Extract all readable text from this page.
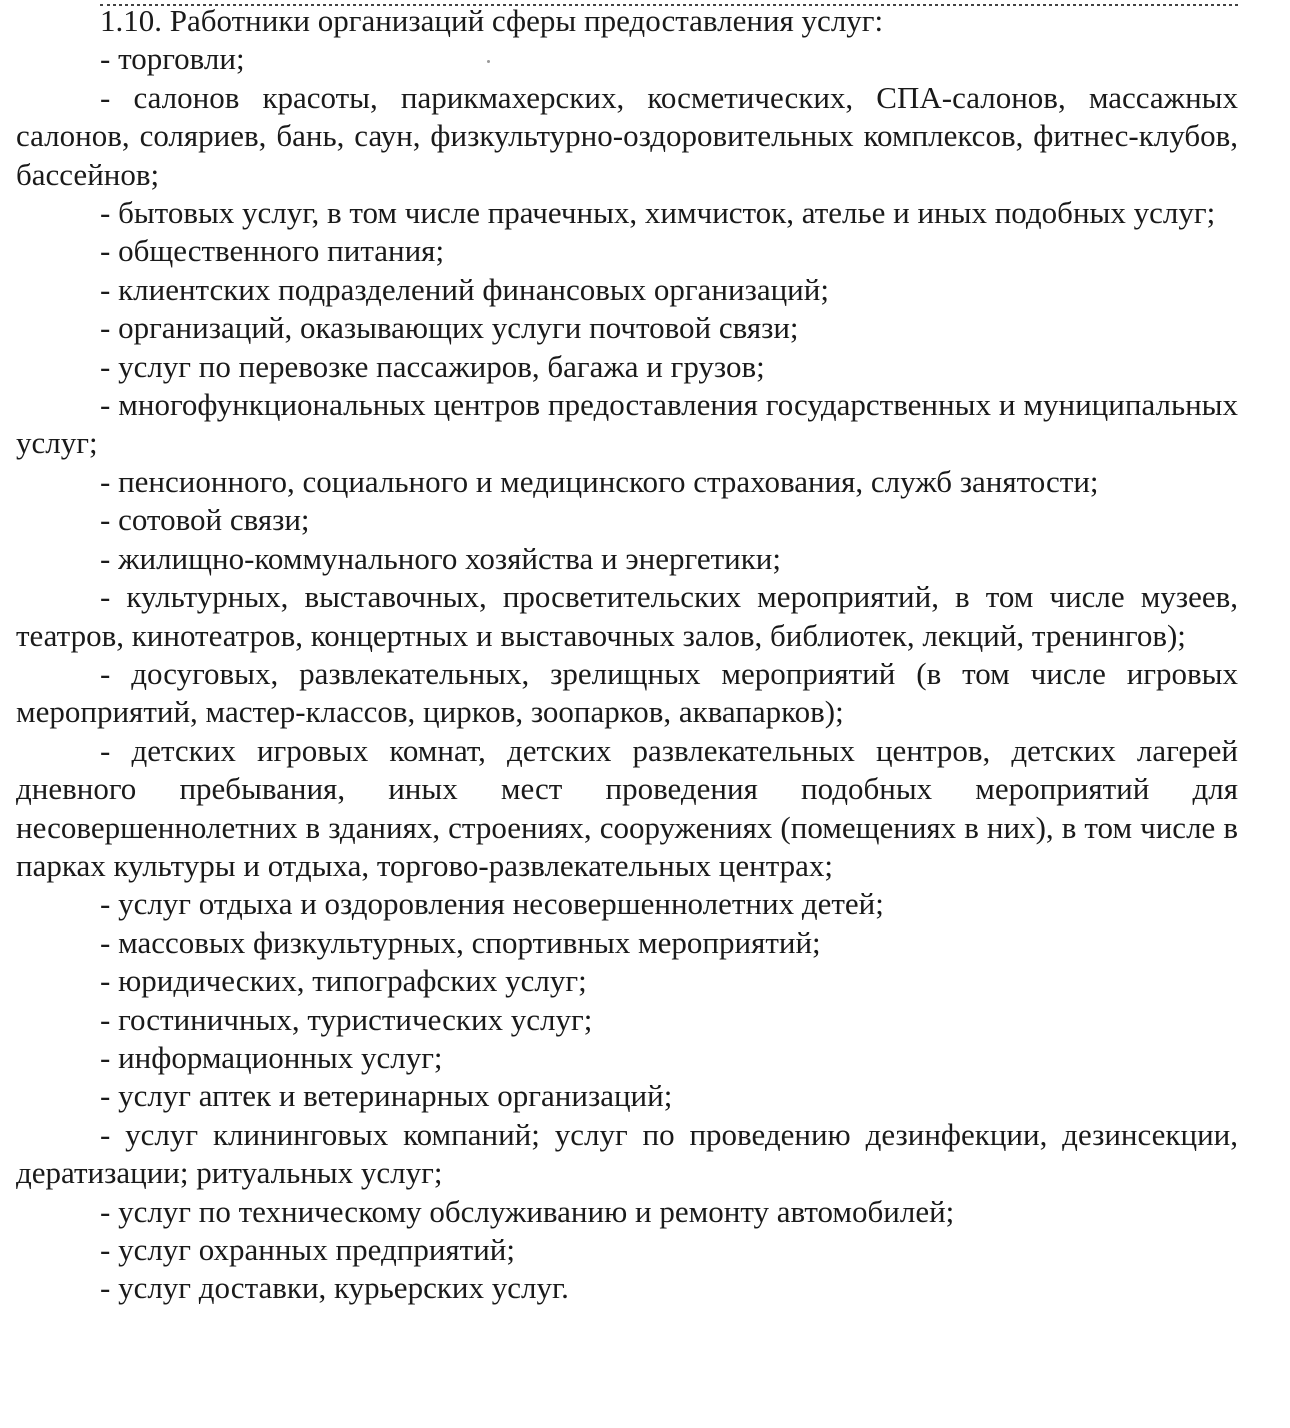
1.10. Работники организаций сферы предоставления услуг:

- торговли;

- салонов красоты, парикмахерских, косметических, СПА-салонов, массажных салонов, соляриев, бань, саун, физкультурно-оздоровительных комплексов, фитнес-клубов, бассейнов;

- бытовых услуг, в том числе прачечных, химчисток, ателье и иных подобных услуг;

- общественного питания;

- клиентских подразделений финансовых организаций;

- организаций, оказывающих услуги почтовой связи;

- услуг по перевозке пассажиров, багажа и грузов;

- многофункциональных центров предоставления государственных и муниципальных услуг;

- пенсионного, социального и медицинского страхования, служб занятости;

- сотовой связи;

- жилищно-коммунального хозяйства и энергетики;

- культурных, выставочных, просветительских мероприятий, в том числе музеев, театров, кинотеатров, концертных и выставочных залов, библиотек, лекций, тренингов);

- досуговых, развлекательных, зрелищных мероприятий (в том числе игровых мероприятий, мастер-классов, цирков, зоопарков, аквапарков);

- детских игровых комнат, детских развлекательных центров, детских лагерей дневного пребывания, иных мест проведения подобных мероприятий для несовершеннолетних в зданиях, строениях, сооружениях (помещениях в них), в том числе в парках культуры и отдыха, торгово-развлекательных центрах;

- услуг отдыха и оздоровления несовершеннолетних детей;

- массовых физкультурных, спортивных мероприятий;

- юридических, типографских услуг;

- гостиничных, туристических услуг;

- информационных услуг;

- услуг аптек и ветеринарных организаций;

- услуг клининговых компаний; услуг по проведению дезинфекции, дезинсекции, дератизации; ритуальных услуг;

- услуг по техническому обслуживанию и ремонту автомобилей;

- услуг охранных предприятий;

- услуг доставки, курьерских услуг.
